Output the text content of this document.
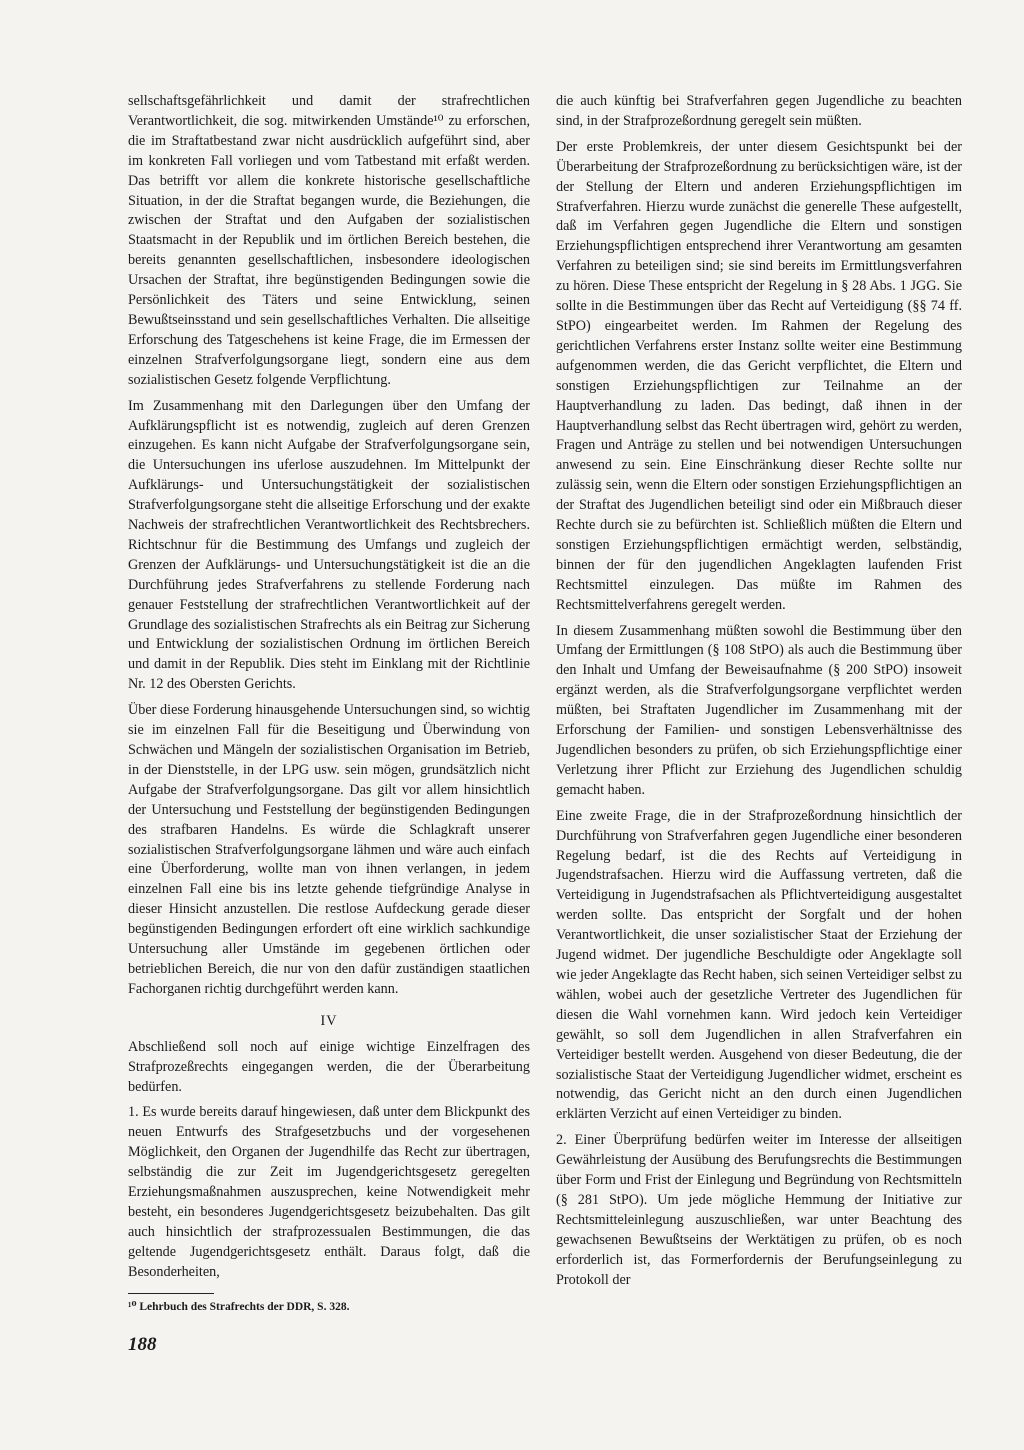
sellschaftsgefährlichkeit und damit der strafrechtlichen Verantwortlichkeit, die sog. mitwirkenden Umstände¹⁰ zu erforschen, die im Straftatbestand zwar nicht ausdrücklich aufgeführt sind, aber im konkreten Fall vorliegen und vom Tatbestand mit erfaßt werden. Das betrifft vor allem die konkrete historische gesellschaftliche Situation, in der die Straftat begangen wurde, die Beziehungen, die zwischen der Straftat und den Aufgaben der sozialistischen Staatsmacht in der Republik und im örtlichen Bereich bestehen, die bereits genannten gesellschaftlichen, insbesondere ideologischen Ursachen der Straftat, ihre begünstigenden Bedingungen sowie die Persönlichkeit des Täters und seine Entwicklung, seinen Bewußtseinsstand und sein gesellschaftliches Verhalten. Die allseitige Erforschung des Tatgeschehens ist keine Frage, die im Ermessen der einzelnen Strafverfolgungsorgane liegt, sondern eine aus dem sozialistischen Gesetz folgende Verpflichtung.

Im Zusammenhang mit den Darlegungen über den Umfang der Aufklärungspflicht ist es notwendig, zugleich auf deren Grenzen einzugehen. Es kann nicht Aufgabe der Strafverfolgungsorgane sein, die Untersuchungen ins uferlose auszudehnen. Im Mittelpunkt der Aufklärungs- und Untersuchungstätigkeit der sozialistischen Strafverfolgungsorgane steht die allseitige Erforschung und der exakte Nachweis der strafrechtlichen Verantwortlichkeit des Rechtsbrechers. Richtschnur für die Bestimmung des Umfangs und zugleich der Grenzen der Aufklärungs- und Untersuchungstätigkeit ist die an die Durchführung jedes Strafverfahrens zu stellende Forderung nach genauer Feststellung der strafrechtlichen Verantwortlichkeit auf der Grundlage des sozialistischen Strafrechts als ein Beitrag zur Sicherung und Entwicklung der sozialistischen Ordnung im örtlichen Bereich und damit in der Republik. Dies steht im Einklang mit der Richtlinie Nr. 12 des Obersten Gerichts.

Über diese Forderung hinausgehende Untersuchungen sind, so wichtig sie im einzelnen Fall für die Beseitigung und Überwindung von Schwächen und Mängeln der sozialistischen Organisation im Betrieb, in der Dienststelle, in der LPG usw. sein mögen, grundsätzlich nicht Aufgabe der Strafverfolgungsorgane. Das gilt vor allem hinsichtlich der Untersuchung und Feststellung der begünstigenden Bedingungen des strafbaren Handelns. Es würde die Schlagkraft unserer sozialistischen Strafverfolgungsorgane lähmen und wäre auch einfach eine Überforderung, wollte man von ihnen verlangen, in jedem einzelnen Fall eine bis ins letzte gehende tiefgründige Analyse in dieser Hinsicht anzustellen. Die restlose Aufdeckung gerade dieser begünstigenden Bedingungen erfordert oft eine wirklich sachkundige Untersuchung aller Umstände im gegebenen örtlichen oder betrieblichen Bereich, die nur von den dafür zuständigen staatlichen Fachorganen richtig durchgeführt werden kann.

IV

Abschließend soll noch auf einige wichtige Einzelfragen des Strafprozeßrechts eingegangen werden, die der Überarbeitung bedürfen.

1. Es wurde bereits darauf hingewiesen, daß unter dem Blickpunkt des neuen Entwurfs des Strafgesetzbuchs und der vorgesehenen Möglichkeit, den Organen der Jugendhilfe das Recht zur übertragen, selbständig die zur Zeit im Jugendgerichtsgesetz geregelten Erziehungsmaßnahmen auszusprechen, keine Notwendigkeit mehr besteht, ein besonderes Jugendgerichtsgesetz beizubehalten. Das gilt auch hinsichtlich der strafprozessualen Bestimmungen, die das geltende Jugendgerichtsgesetz enthält. Daraus folgt, daß die Besonderheiten,

¹⁰ Lehrbuch des Strafrechts der DDR, S. 328.

die auch künftig bei Strafverfahren gegen Jugendliche zu beachten sind, in der Strafprozeßordnung geregelt sein müßten.

Der erste Problemkreis, der unter diesem Gesichtspunkt bei der Überarbeitung der Strafprozeßordnung zu berücksichtigen wäre, ist der der Stellung der Eltern und anderen Erziehungspflichtigen im Strafverfahren. Hierzu wurde zunächst die generelle These aufgestellt, daß im Verfahren gegen Jugendliche die Eltern und sonstigen Erziehungspflichtigen entsprechend ihrer Verantwortung am gesamten Verfahren zu beteiligen sind; sie sind bereits im Ermittlungsverfahren zu hören. Diese These entspricht der Regelung in § 28 Abs. 1 JGG. Sie sollte in die Bestimmungen über das Recht auf Verteidigung (§§ 74 ff. StPO) eingearbeitet werden. Im Rahmen der Regelung des gerichtlichen Verfahrens erster Instanz sollte weiter eine Bestimmung aufgenommen werden, die das Gericht verpflichtet, die Eltern und sonstigen Erziehungspflichtigen zur Teilnahme an der Hauptverhandlung zu laden. Das bedingt, daß ihnen in der Hauptverhandlung selbst das Recht übertragen wird, gehört zu werden, Fragen und Anträge zu stellen und bei notwendigen Untersuchungen anwesend zu sein. Eine Einschränkung dieser Rechte sollte nur zulässig sein, wenn die Eltern oder sonstigen Erziehungspflichtigen an der Straftat des Jugendlichen beteiligt sind oder ein Mißbrauch dieser Rechte durch sie zu befürchten ist. Schließlich müßten die Eltern und sonstigen Erziehungspflichtigen ermächtigt werden, selbständig, binnen der für den jugendlichen Angeklagten laufenden Frist Rechtsmittel einzulegen. Das müßte im Rahmen des Rechtsmittelverfahrens geregelt werden.

In diesem Zusammenhang müßten sowohl die Bestimmung über den Umfang der Ermittlungen (§ 108 StPO) als auch die Bestimmung über den Inhalt und Umfang der Beweisaufnahme (§ 200 StPO) insoweit ergänzt werden, als die Strafverfolgungsorgane verpflichtet werden müßten, bei Straftaten Jugendlicher im Zusammenhang mit der Erforschung der Familien- und sonstigen Lebensverhältnisse des Jugendlichen besonders zu prüfen, ob sich Erziehungspflichtige einer Verletzung ihrer Pflicht zur Erziehung des Jugendlichen schuldig gemacht haben.

Eine zweite Frage, die in der Strafprozeßordnung hinsichtlich der Durchführung von Strafverfahren gegen Jugendliche einer besonderen Regelung bedarf, ist die des Rechts auf Verteidigung in Jugendstrafsachen. Hierzu wird die Auffassung vertreten, daß die Verteidigung in Jugendstrafsachen als Pflichtverteidigung ausgestaltet werden sollte. Das entspricht der Sorgfalt und der hohen Verantwortlichkeit, die unser sozialistischer Staat der Erziehung der Jugend widmet. Der jugendliche Beschuldigte oder Angeklagte soll wie jeder Angeklagte das Recht haben, sich seinen Verteidiger selbst zu wählen, wobei auch der gesetzliche Vertreter des Jugendlichen für diesen die Wahl vornehmen kann. Wird jedoch kein Verteidiger gewählt, so soll dem Jugendlichen in allen Strafverfahren ein Verteidiger bestellt werden. Ausgehend von dieser Bedeutung, die der sozialistische Staat der Verteidigung Jugendlicher widmet, erscheint es notwendig, das Gericht nicht an den durch einen Jugendlichen erklärten Verzicht auf einen Verteidiger zu binden.

2. Einer Überprüfung bedürfen weiter im Interesse der allseitigen Gewährleistung der Ausübung des Berufungsrechts die Bestimmungen über Form und Frist der Einlegung und Begründung von Rechtsmitteln (§ 281 StPO). Um jede mögliche Hemmung der Initiative zur Rechtsmitteleinlegung auszuschließen, war unter Beachtung des gewachsenen Bewußtseins der Werktätigen zu prüfen, ob es noch erforderlich ist, das Formerfordernis der Berufungseinlegung zu Protokoll der

188
